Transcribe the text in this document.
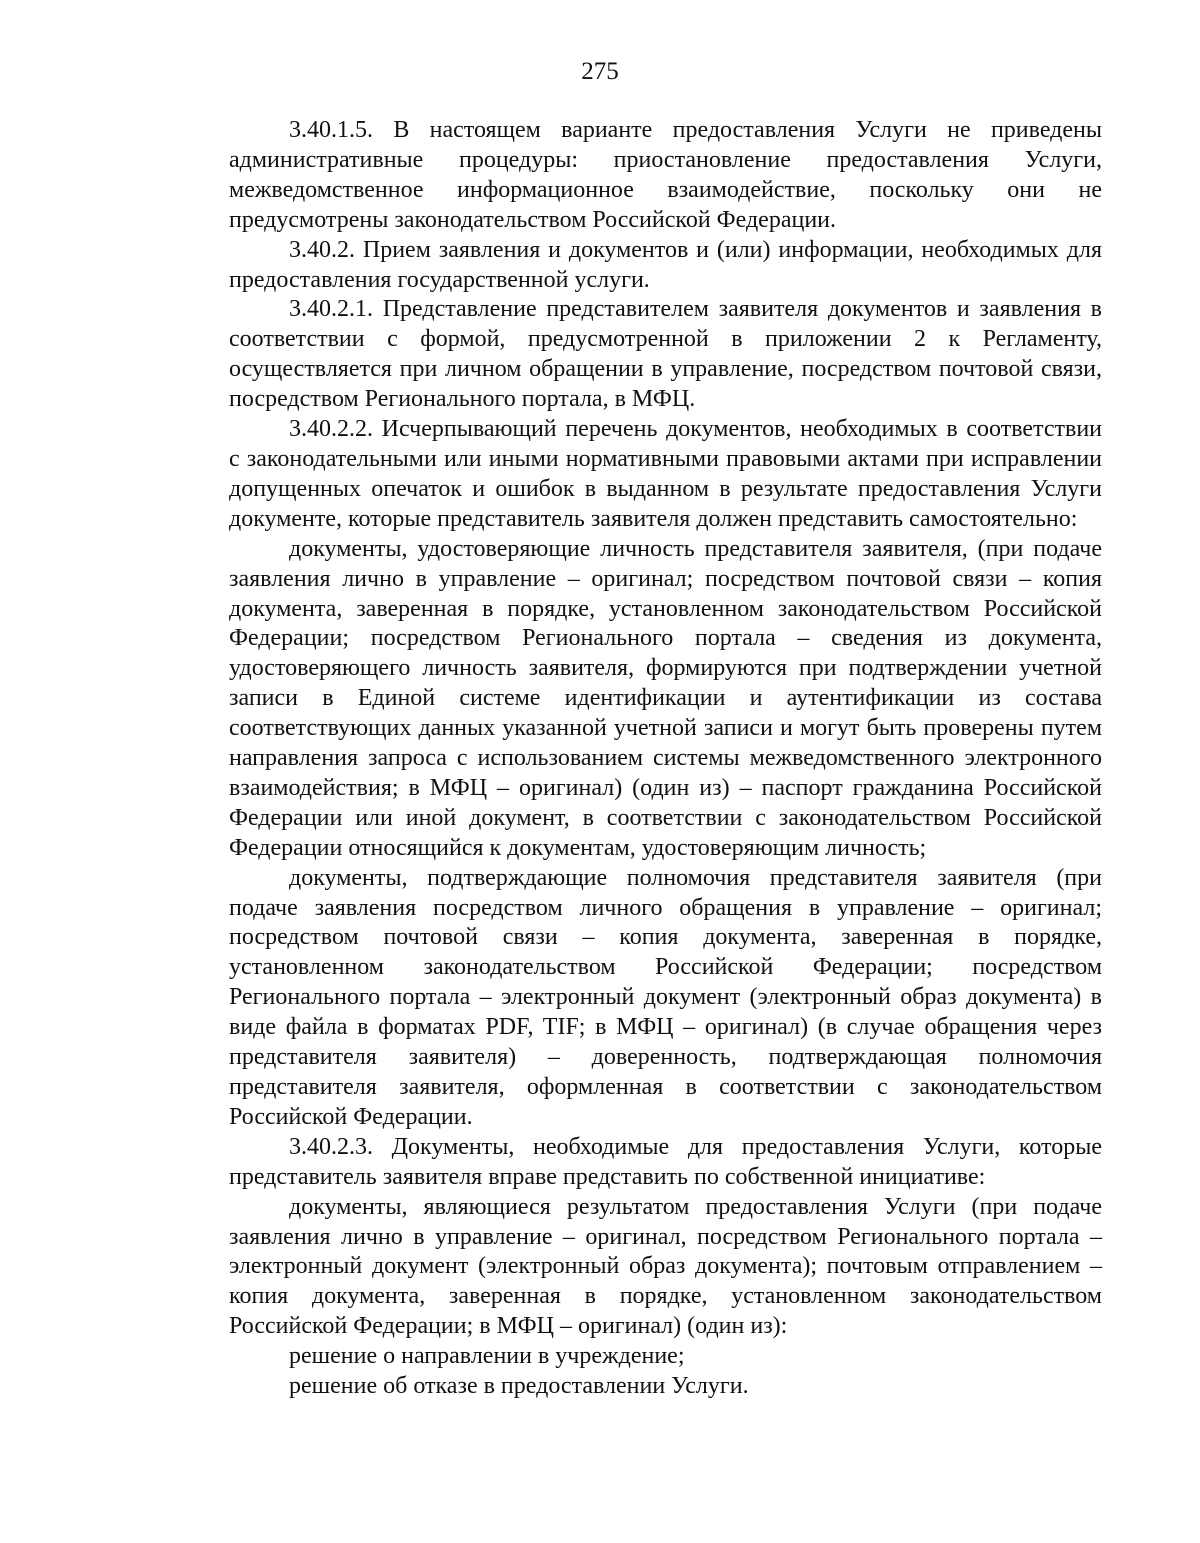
275

3.40.1.5. В настоящем варианте предоставления Услуги не приведены административные процедуры: приостановление предоставления Услуги, межведомственное информационное взаимодействие, поскольку они не предусмотрены законодательством Российской Федерации.

3.40.2. Прием заявления и документов и (или) информации, необходимых для предоставления государственной услуги.

3.40.2.1. Представление представителем заявителя документов и заявления в соответствии с формой, предусмотренной в приложении 2 к Регламенту, осуществляется при личном обращении в управление, посредством почтовой связи, посредством Регионального портала, в МФЦ.

3.40.2.2. Исчерпывающий перечень документов, необходимых в соответствии с законодательными или иными нормативными правовыми актами при исправлении допущенных опечаток и ошибок в выданном в результате предоставления Услуги документе, которые представитель заявителя должен представить самостоятельно:

документы, удостоверяющие личность представителя заявителя, (при подаче заявления лично в управление – оригинал; посредством почтовой связи – копия документа, заверенная в порядке, установленном законодательством Российской Федерации; посредством Регионального портала – сведения из документа, удостоверяющего личность заявителя, формируются при подтверждении учетной записи в Единой системе идентификации и аутентификации из состава соответствующих данных указанной учетной записи и могут быть проверены путем направления запроса с использованием системы межведомственного электронного взаимодействия; в МФЦ – оригинал) (один из) – паспорт гражданина Российской Федерации или иной документ, в соответствии с законодательством Российской Федерации относящийся к документам, удостоверяющим личность;

документы, подтверждающие полномочия представителя заявителя (при подаче заявления посредством личного обращения в управление – оригинал; посредством почтовой связи – копия документа, заверенная в порядке, установленном законодательством Российской Федерации; посредством Регионального портала – электронный документ (электронный образ документа) в виде файла в форматах PDF, TIF; в МФЦ – оригинал) (в случае обращения через представителя заявителя) – доверенность, подтверждающая полномочия представителя заявителя, оформленная в соответствии с законодательством Российской Федерации.

3.40.2.3. Документы, необходимые для предоставления Услуги, которые представитель заявителя вправе представить по собственной инициативе:

документы, являющиеся результатом предоставления Услуги (при подаче заявления лично в управление – оригинал, посредством Регионального портала – электронный документ (электронный образ документа); почтовым отправлением – копия документа, заверенная в порядке, установленном законодательством Российской Федерации; в МФЦ – оригинал) (один из):

решение о направлении в учреждение;

решение об отказе в предоставлении Услуги.
